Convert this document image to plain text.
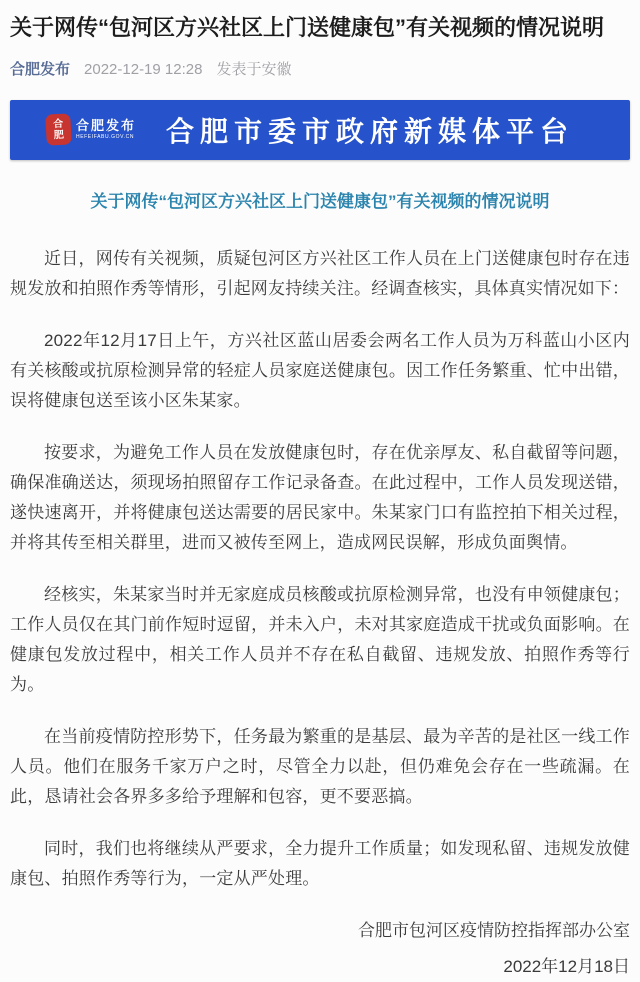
关于网传“包河区方兴社区上门送健康包”有关视频的情况说明
合肥发布 2022-12-19 12:28 发表于安徽
合
肥
合肥发布
HEFEIFABU.GOV.CN	合肥市委市政府新媒体平台
关于网传“包河区方兴社区上门送健康包”有关视频的情况说明

近日，网传有关视频，质疑包河区方兴社区工作人员在上门送健康包时存在违规发放和拍照作秀等情形，引起网友持续关注。经调查核实，具体真实情况如下：

2022年12月17日上午，方兴社区蓝山居委会两名工作人员为万科蓝山小区内有关核酸或抗原检测异常的轻症人员家庭送健康包。因工作任务繁重、忙中出错，误将健康包送至该小区朱某家。

按要求，为避免工作人员在发放健康包时，存在优亲厚友、私自截留等问题，确保准确送达，须现场拍照留存工作记录备查。在此过程中，工作人员发现送错，遂快速离开，并将健康包送达需要的居民家中。朱某家门口有监控拍下相关过程，并将其传至相关群里，进而又被传至网上，造成网民误解，形成负面舆情。

经核实，朱某家当时并无家庭成员核酸或抗原检测异常，也没有申领健康包；工作人员仅在其门前作短时逗留，并未入户，未对其家庭造成干扰或负面影响。在健康包发放过程中，相关工作人员并不存在私自截留、违规发放、拍照作秀等行为。

在当前疫情防控形势下，任务最为繁重的是基层、最为辛苦的是社区一线工作人员。他们在服务千家万户之时，尽管全力以赴，但仍难免会存在一些疏漏。在此，恳请社会各界多多给予理解和包容，更不要恶搞。

同时，我们也将继续从严要求，全力提升工作质量；如发现私留、违规发放健康包、拍照作秀等行为，一定从严处理。

合肥市包河区疫情防控指挥部办公室
2022年12月18日
